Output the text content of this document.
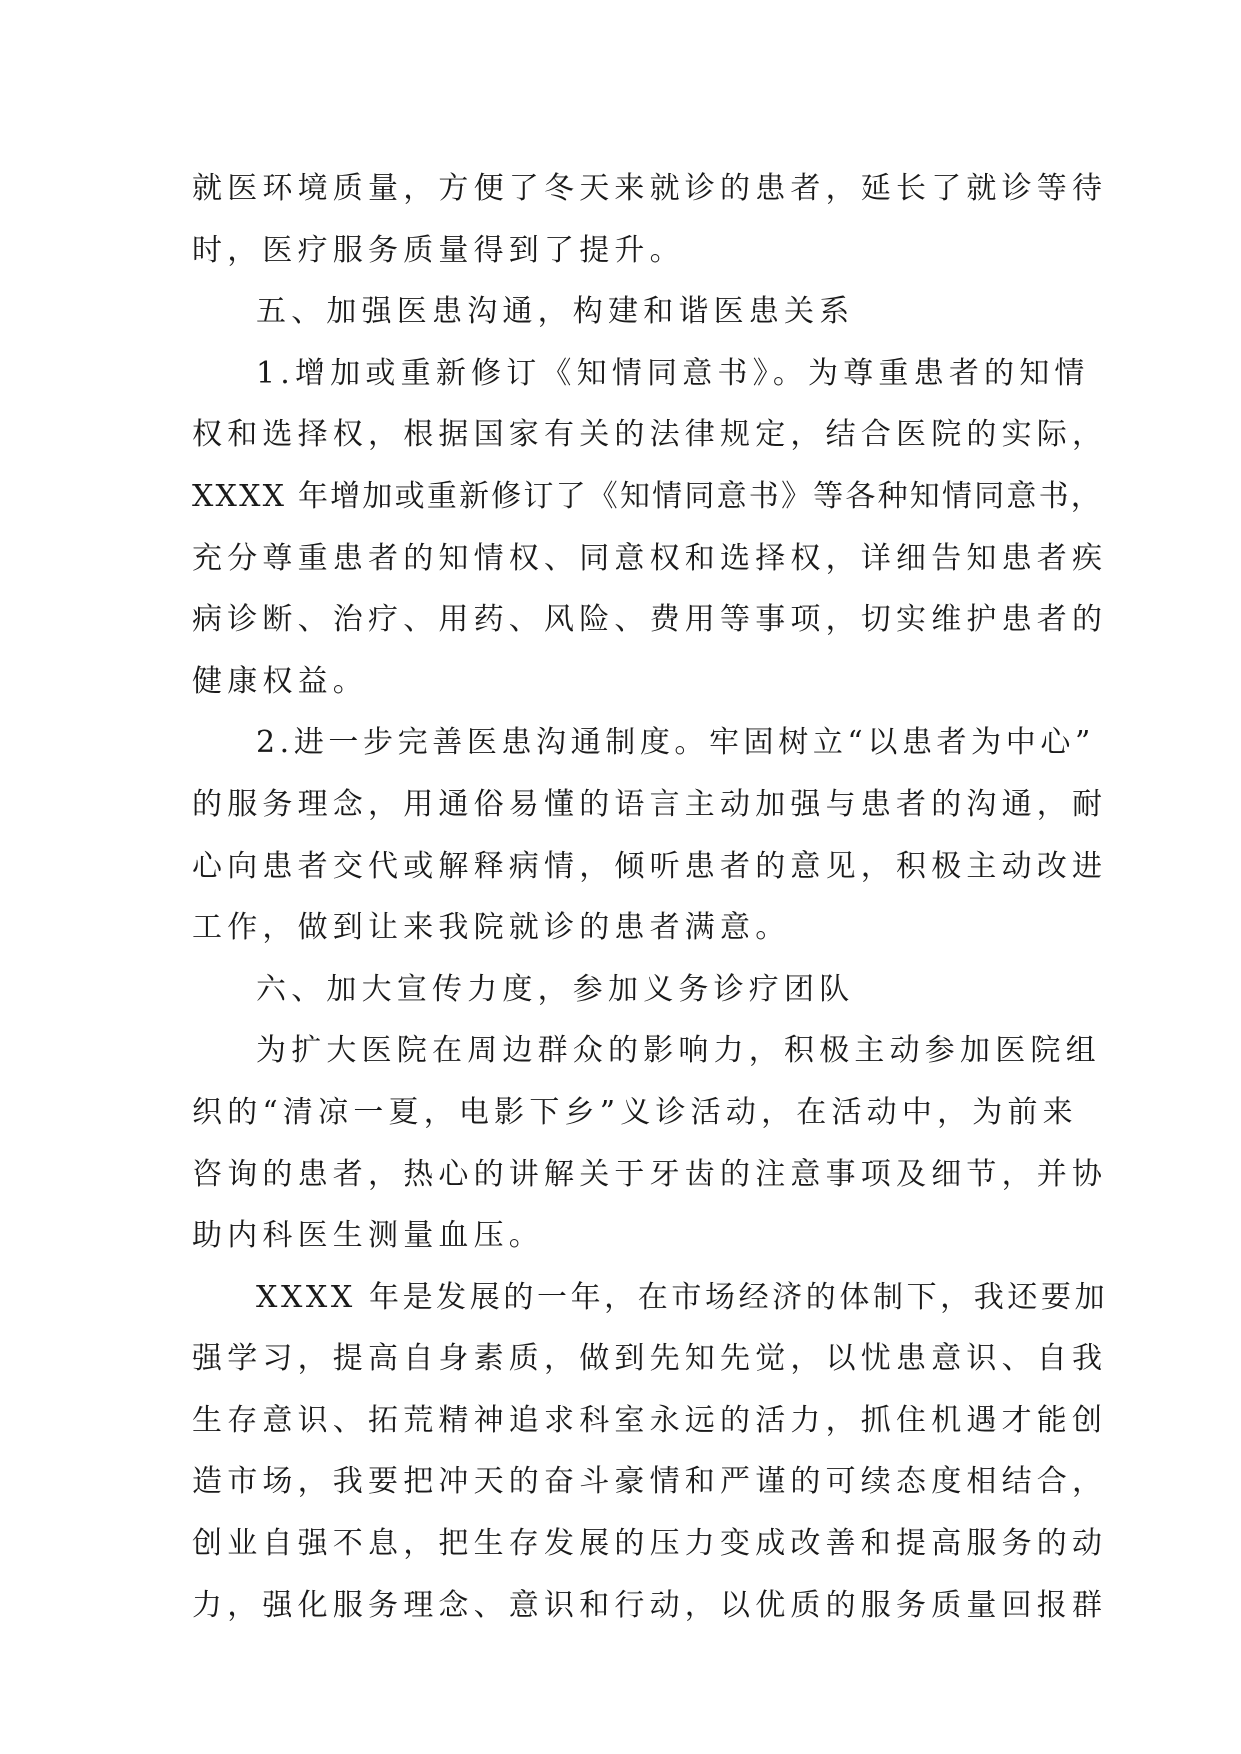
就医环境质量，方便了冬天来就诊的患者，延长了就诊等待
时，医疗服务质量得到了提升。
五、加强医患沟通，构建和谐医患关系
1.增加或重新修订《知情同意书》。为尊重患者的知情
权和选择权，根据国家有关的法律规定，结合医院的实际，
XXXX 年增加或重新修订了《知情同意书》等各种知情同意书，
充分尊重患者的知情权、同意权和选择权，详细告知患者疾
病诊断、治疗、用药、风险、费用等事项，切实维护患者的
健康权益。
2.进一步完善医患沟通制度。牢固树立“以患者为中心”
的服务理念，用通俗易懂的语言主动加强与患者的沟通，耐
心向患者交代或解释病情，倾听患者的意见，积极主动改进
工作，做到让来我院就诊的患者满意。
六、加大宣传力度，参加义务诊疗团队
为扩大医院在周边群众的影响力，积极主动参加医院组
织的“清凉一夏，电影下乡”义诊活动，在活动中，为前来
咨询的患者，热心的讲解关于牙齿的注意事项及细节，并协
助内科医生测量血压。
XXXX 年是发展的一年，在市场经济的体制下，我还要加
强学习，提高自身素质，做到先知先觉，以忧患意识、自我
生存意识、拓荒精神追求科室永远的活力，抓住机遇才能创
造市场，我要把冲天的奋斗豪情和严谨的可续态度相结合，
创业自强不息，把生存发展的压力变成改善和提高服务的动
力，强化服务理念、意识和行动，以优质的服务质量回报群
